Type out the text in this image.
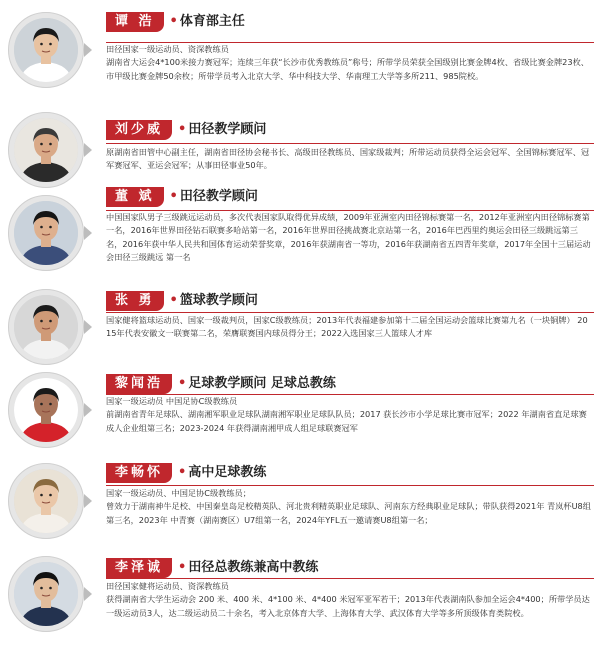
谭 浩 • 体育部主任

田径国家一级运动员、资深教练员

湖南省大运会4*100米接力赛冠军；连续三年获“长沙市优秀教练员”称号；所带学员荣获全国级别比赛金牌4枚、省级比赛金牌23枚、市甲级比赛金牌50余枚；所带学员考入北京大学、华中科技大学、华南理工大学等多所211、985院校。

刘少威 • 田径教学顾问

原湖南省田管中心副主任，湖南省田径协会秘书长、高级田径教练员、国家级裁判；所带运动员获得全运会冠军、全国锦标赛冠军、冠军赛冠军、亚运会冠军；从事田径事业50年。

董 斌 • 田径教学顾问

中国国家队男子三级跳远运动员，多次代表国家队取得优异成绩，2009年亚洲室内田径锦标赛第一名，2012年亚洲室内田径锦标赛第一名，2016年世界田径钻石联赛多哈站第一名，2016年世界田径挑战赛北京站第一名，2016年巴西里约奥运会田径三级跳远第三名，2016年获中华人民共和国体育运动荣誉奖章，2016年获湖南省一等功，2016年获湖南省五四青年奖章，2017年全国十三届运动会田径三级跳远 第一名

张 勇 • 篮球教学顾问

国家健将篮球运动员、国家一级裁判员，国家C级教练员；2013年代表福建参加第十二届全国运动会篮球比赛第九名（一块铜牌） 2015年代表安徽文一联赛第二名，荣膺联赛国内球员得分王；2022入选国家三人篮球人才库

黎闻浩 • 足球教学顾问 足球总教练

国家一级运动员 中国足协C级教练员

前湖南省青年足球队、湖南湘军职业足球队湖南湘军职业足球队队员；2017 获长沙市小学足球比赛市冠军；2022 年湖南省直足球赛成人企业组第三名；2023-2024 年获得湖南湘甲成人组足球联赛冠军

李畅怀 • 高中足球教练

国家一级运动员、中国足协C级教练员；

曾效力于湖南神牛足校、中国秦皇岛足校精英队、河北贵利精英职业足球队、河南东方经典职业足球队；带队获得2021年 青岚杯U8组第三名，2023年 中青赛（湖南赛区）U7组第一名，2024年YFL五一邀请赛U8组第一名；

李泽诚 • 田径总教练兼高中教练

田径国家健将运动员、资深教练员

获得湖南省大学生运动会 200 米、400 米、4*100 米、4*400 米冠军亚军若干；2013年代表湖南队参加全运会4*400；所带学员达一级运动员3人，达二级运动员二十余名，考入北京体育大学、上海体育大学、武汉体育大学等多所顶级体育类院校。
